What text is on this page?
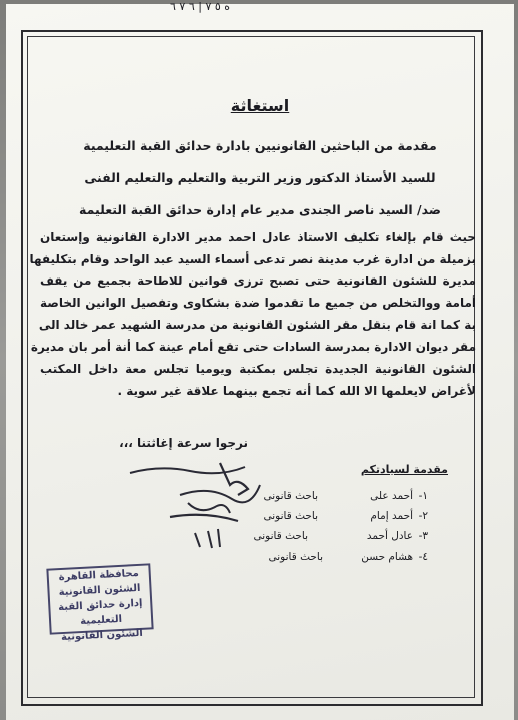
ه ٥ ٧ | ٦ ٧ ٦
استغاثة
مقدمة من الباحثين القانونيين بادارة حدائق القبة التعليمية
للسيد الأستاذ الدكتور وزير التربية والتعليم والتعليم الفنى
ضد/ السيد ناصر الجندى مدير عام إدارة حدائق القبة التعليمة
حيث قام بإلغاء تكليف الاستاذ عادل احمد مدير الادارة القانونية وإستعان
بزميلة من ادارة غرب مدينة نصر تدعى أسماء السيد عبد الواحد وقام بتكليفها
مديرة للشئون القانونية حتى تصبح ترزى قوانين للاطاحة بجميع من يقف
أمامة ووالتخلص من جميع ما تقدموا ضدة بشكاوى وتفصيل الوانين الخاصة
بة كما انة قام بنقل مقر الشئون القانونية من مدرسة الشهيد عمر خالد الى
مقر ديوان الادارة بمدرسة السادات حتى تقع أمام عينة كما أنة أمر بان مديرة
الشئون القانونية الجديدة تجلس بمكتبة ويوميا تجلس معة داخل المكتب
لأغراض لايعلمها الا الله كما أنه تجمع بينهما علاقة غير سوية .
نرجوا سرعة إغاثتنا ،،،
مقدمة لسيادتكم
١-
أحمد على
باحث قانونى
٢-
أحمد إمام
باحث قانونى
٣-
عادل أحمد
باحث قانونى
٤-
هشام حسن
باحث قانونى
محافظة القاهرة الشئون القانونية
إدارة حدائق القبة التعليمية
الشئون القانونية
